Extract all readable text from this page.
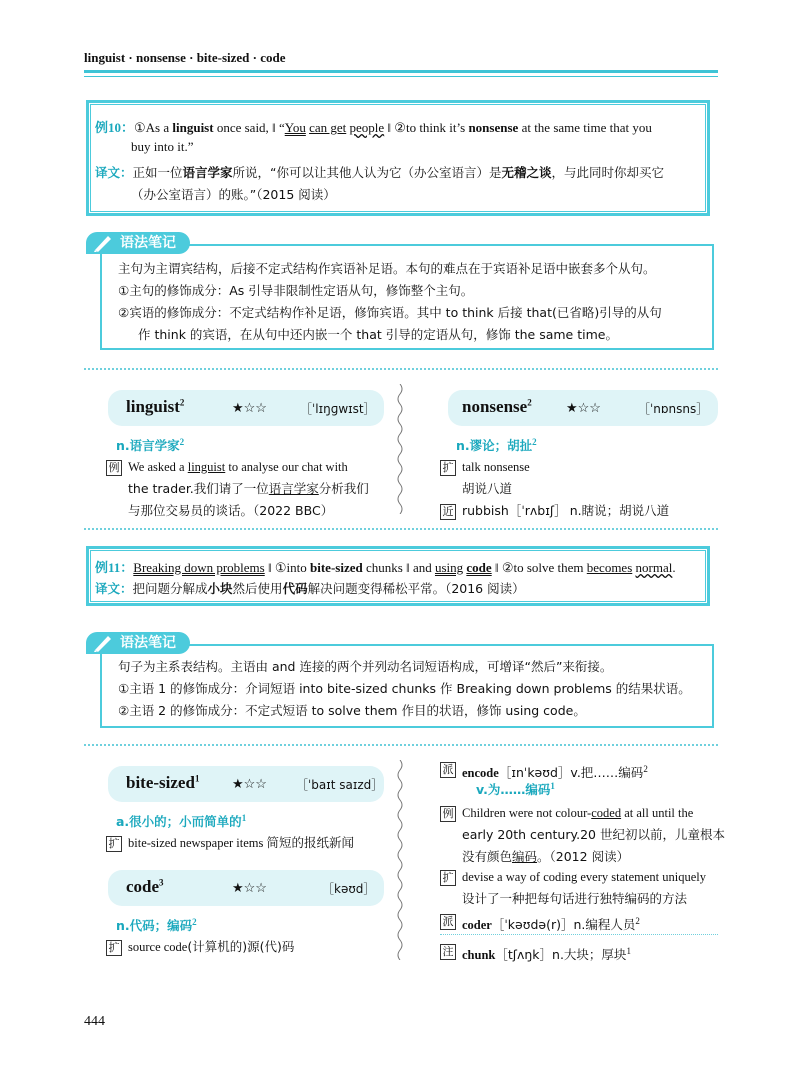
linguist · nonsense · bite-sized · code
例10：①As a linguist once said, ‖ “You can get people ‖ ②to think it’s nonsense at the same time that you
buy into it.”
译文：正如一位语言学家所说，“你可以让其他人认为它（办公室语言）是无稽之谈，与此同时你却买它
（办公室语言）的账。”（2015 阅读）
语法笔记
主句为主谓宾结构，后接不定式结构作宾语补足语。本句的难点在于宾语补足语中嵌套多个从句。
①主句的修饰成分：As 引导非限制性定语从句，修饰整个主句。
②宾语的修饰成分：不定式结构作补足语，修饰宾语。其中 to think 后接 that(已省略)引导的从句
作 think 的宾语，在从句中还内嵌一个 that 引导的定语从句，修饰 the same time。
linguist$^2$	★☆☆	［ˈlɪŋɡwɪst］
n.语言学家$^2$
例 We asked a linguist to analyse our chat with
the trader.我们请了一位语言学家分析我们
与那位交易员的谈话。（2022 BBC）
nonsense$^2$	★☆☆	［ˈnɒnsns］
n.谬论；胡扯$^2$
扩 talk nonsense
胡说八道
近 rubbish［ˈrʌbɪʃ］ n.瞎说；胡说八道
例11：Breaking down problems ‖ ①into bite-sized chunks ‖ and using code ‖ ②to solve them becomes normal.
译文：把问题分解成小块然后使用代码解决问题变得稀松平常。（2016 阅读）
语法笔记
句子为主系表结构。主语由 and 连接的两个并列动名词短语构成，可增译“然后”来衔接。
①主语 1 的修饰成分：介词短语 into bite-sized chunks 作 Breaking down problems 的结果状语。
②主语 2 的修饰成分：不定式短语 to solve them 作目的状语，修饰 using code。
bite-sized$^1$	★☆☆ ［ˈbaɪt saɪzd］
a.很小的；小而简单的$^1$
扩 bite-sized newspaper items 简短的报纸新闻
code$^3$	★☆☆	［kəʊd］
n.代码；编码$^2$
扩 source code(计算机的)源(代)码
派 encode［ɪnˈkəʊd］v.把……编码$^2$
v.为……编码$^1$
例 Children were not colour-coded at all until the
early 20th century.20 世纪初以前，儿童根本
没有颜色编码。（2012 阅读）
扩 devise a way of coding every statement uniquely
设计了一种把每句话进行独特编码的方法
派 coder［ˈkəʊdə(r)］n.编程人员$^2$
注 chunk［tʃʌŋk］n.大块；厚块$^1$
444
